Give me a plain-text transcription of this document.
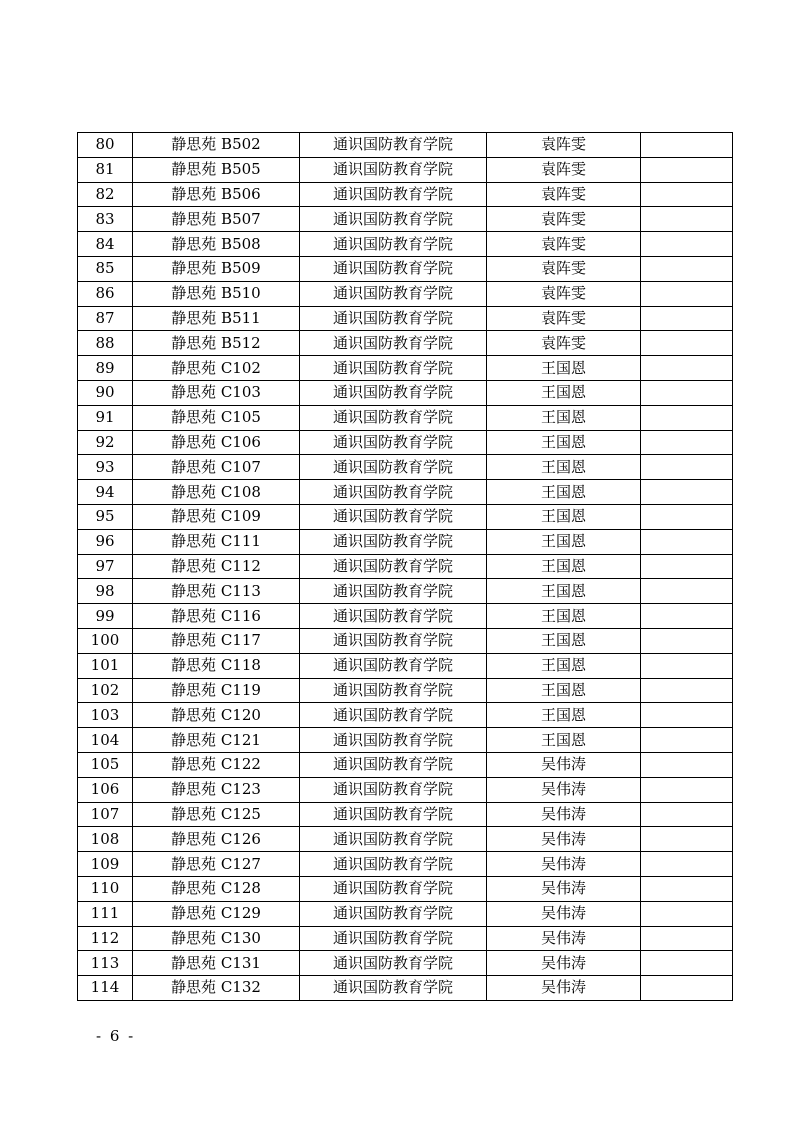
80	静思苑 B502	通识国防教育学院	袁阵雯	
81	静思苑 B505	通识国防教育学院	袁阵雯	
82	静思苑 B506	通识国防教育学院	袁阵雯	
83	静思苑 B507	通识国防教育学院	袁阵雯	
84	静思苑 B508	通识国防教育学院	袁阵雯	
85	静思苑 B509	通识国防教育学院	袁阵雯	
86	静思苑 B510	通识国防教育学院	袁阵雯	
87	静思苑 B511	通识国防教育学院	袁阵雯	
88	静思苑 B512	通识国防教育学院	袁阵雯	
89	静思苑 C102	通识国防教育学院	王国恩	
90	静思苑 C103	通识国防教育学院	王国恩	
91	静思苑 C105	通识国防教育学院	王国恩	
92	静思苑 C106	通识国防教育学院	王国恩	
93	静思苑 C107	通识国防教育学院	王国恩	
94	静思苑 C108	通识国防教育学院	王国恩	
95	静思苑 C109	通识国防教育学院	王国恩	
96	静思苑 C111	通识国防教育学院	王国恩	
97	静思苑 C112	通识国防教育学院	王国恩	
98	静思苑 C113	通识国防教育学院	王国恩	
99	静思苑 C116	通识国防教育学院	王国恩	
100	静思苑 C117	通识国防教育学院	王国恩	
101	静思苑 C118	通识国防教育学院	王国恩	
102	静思苑 C119	通识国防教育学院	王国恩	
103	静思苑 C120	通识国防教育学院	王国恩	
104	静思苑 C121	通识国防教育学院	王国恩	
105	静思苑 C122	通识国防教育学院	吴伟涛	
106	静思苑 C123	通识国防教育学院	吴伟涛	
107	静思苑 C125	通识国防教育学院	吴伟涛	
108	静思苑 C126	通识国防教育学院	吴伟涛	
109	静思苑 C127	通识国防教育学院	吴伟涛	
110	静思苑 C128	通识国防教育学院	吴伟涛	
111	静思苑 C129	通识国防教育学院	吴伟涛	
112	静思苑 C130	通识国防教育学院	吴伟涛	
113	静思苑 C131	通识国防教育学院	吴伟涛	
114	静思苑 C132	通识国防教育学院	吴伟涛	
- 6 -
